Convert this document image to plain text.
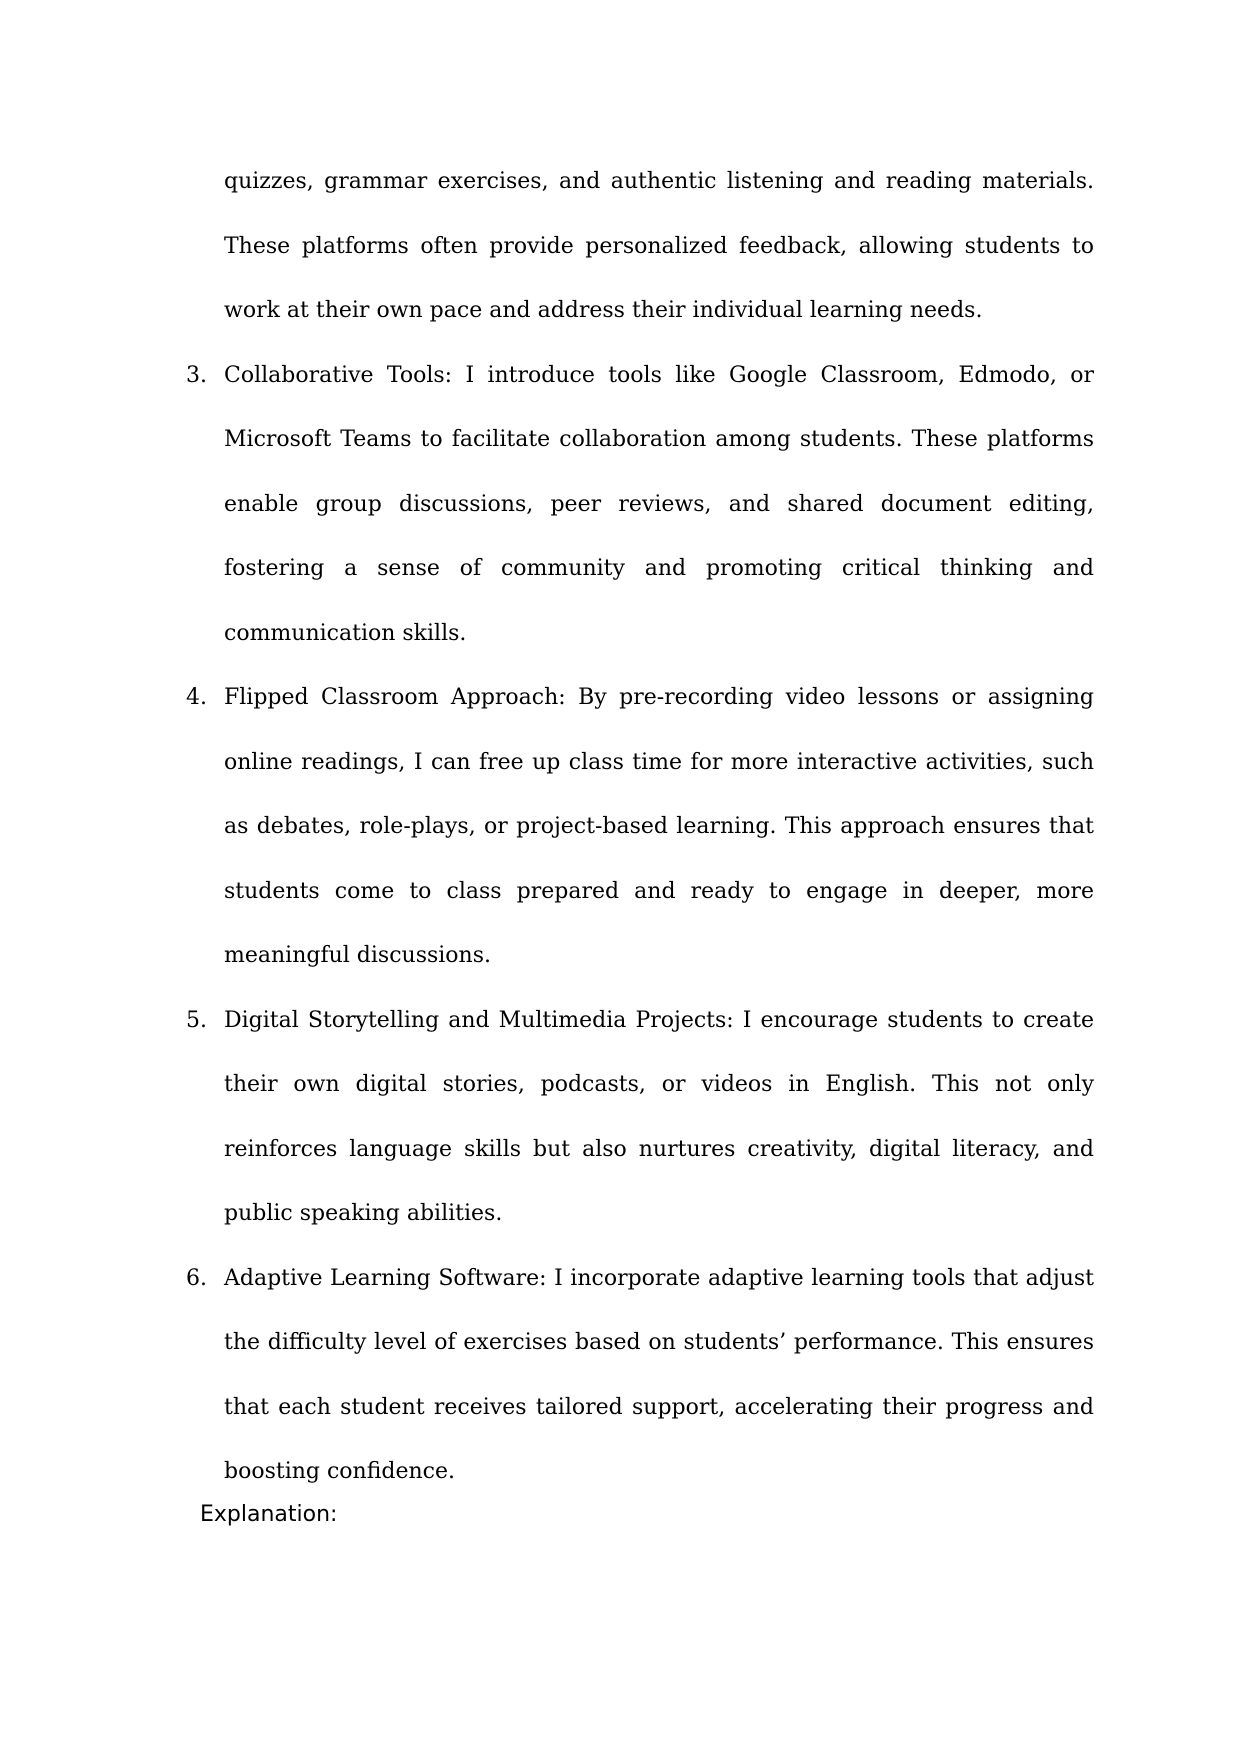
quizzes, grammar exercises, and authentic listening and reading materials. These platforms often provide personalized feedback, allowing students to work at their own pace and address their individual learning needs.

3. Collaborative Tools: I introduce tools like Google Classroom, Edmodo, or Microsoft Teams to facilitate collaboration among students. These platforms enable group discussions, peer reviews, and shared document editing, fostering a sense of community and promoting critical thinking and communication skills.
4. Flipped Classroom Approach: By pre-recording video lessons or assigning online readings, I can free up class time for more interactive activities, such as debates, role-plays, or project-based learning. This approach ensures that students come to class prepared and ready to engage in deeper, more meaningful discussions.
5. Digital Storytelling and Multimedia Projects: I encourage students to create their own digital stories, podcasts, or videos in English. This not only reinforces language skills but also nurtures creativity, digital literacy, and public speaking abilities.
6. Adaptive Learning Software: I incorporate adaptive learning tools that adjust the difficulty level of exercises based on students’ performance. This ensures that each student receives tailored support, accelerating their progress and boosting confidence.

Explanation:
